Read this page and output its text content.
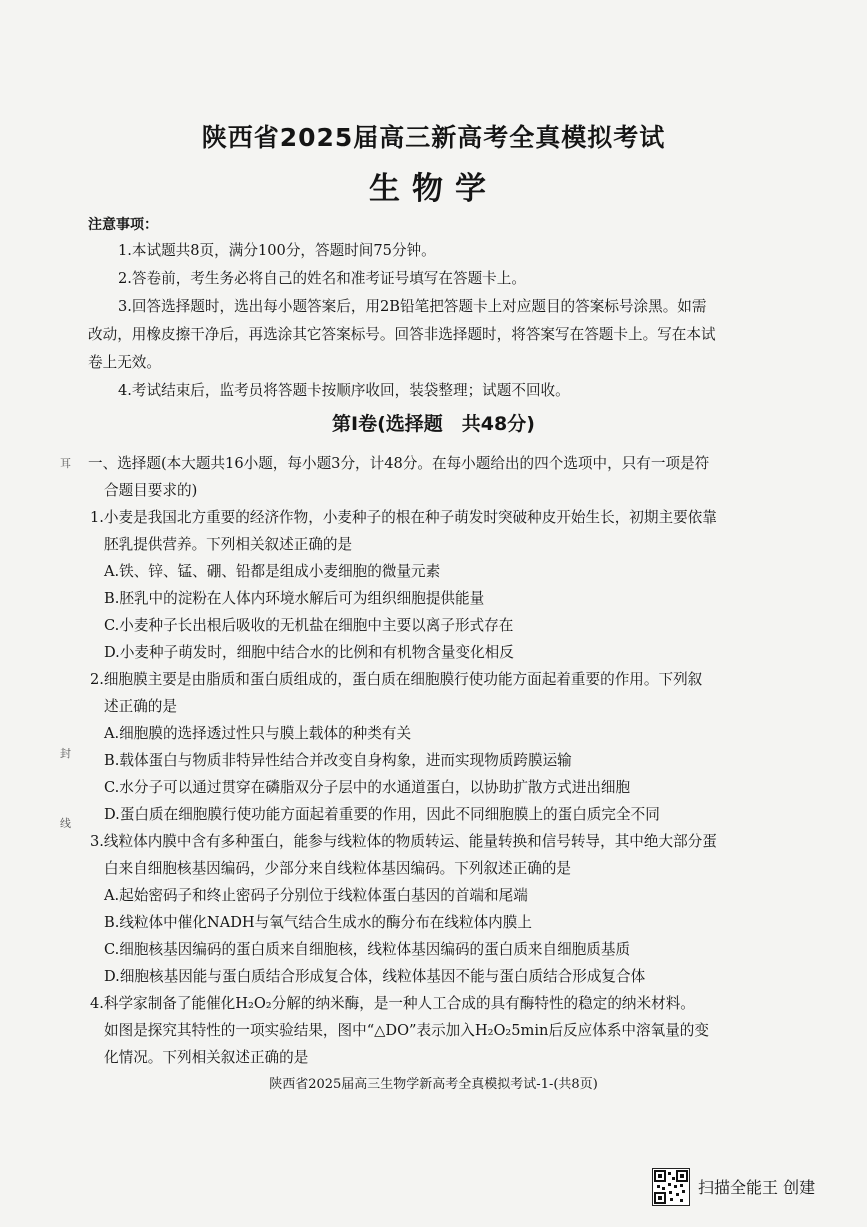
陕西省2025届高三新高考全真模拟考试
生物学
注意事项：
1.本试题共8页，满分100分，答题时间75分钟。
2.答卷前，考生务必将自己的姓名和准考证号填写在答题卡上。
3.回答选择题时，选出每小题答案后，用2B铅笔把答题卡上对应题目的答案标号涂黑。如需
改动，用橡皮擦干净后，再选涂其它答案标号。回答非选择题时，将答案写在答题卡上。写在本试
卷上无效。
4.考试结束后，监考员将答题卡按顺序收回，装袋整理；试题不回收。
第Ⅰ卷(选择题　共48分)
一、选择题(本大题共16小题，每小题3分，计48分。在每小题给出的四个选项中，只有一项是符
合题目要求的)
1.小麦是我国北方重要的经济作物，小麦种子的根在种子萌发时突破种皮开始生长，初期主要依靠
胚乳提供营养。下列相关叙述正确的是
A.铁、锌、锰、硼、铅都是组成小麦细胞的微量元素
B.胚乳中的淀粉在人体内环境水解后可为组织细胞提供能量
C.小麦种子长出根后吸收的无机盐在细胞中主要以离子形式存在
D.小麦种子萌发时，细胞中结合水的比例和有机物含量变化相反
2.细胞膜主要是由脂质和蛋白质组成的，蛋白质在细胞膜行使功能方面起着重要的作用。下列叙
述正确的是
A.细胞膜的选择透过性只与膜上载体的种类有关
B.载体蛋白与物质非特异性结合并改变自身构象，进而实现物质跨膜运输
C.水分子可以通过贯穿在磷脂双分子层中的水通道蛋白，以协助扩散方式进出细胞
D.蛋白质在细胞膜行使功能方面起着重要的作用，因此不同细胞膜上的蛋白质完全不同
3.线粒体内膜中含有多种蛋白，能参与线粒体的物质转运、能量转换和信号转导，其中绝大部分蛋
白来自细胞核基因编码，少部分来自线粒体基因编码。下列叙述正确的是
A.起始密码子和终止密码子分别位于线粒体蛋白基因的首端和尾端
B.线粒体中催化NADH与氧气结合生成水的酶分布在线粒体内膜上
C.细胞核基因编码的蛋白质来自细胞核，线粒体基因编码的蛋白质来自细胞质基质
D.细胞核基因能与蛋白质结合形成复合体，线粒体基因不能与蛋白质结合形成复合体
4.科学家制备了能催化H₂O₂分解的纳米酶，是一种人工合成的具有酶特性的稳定的纳米材料。
如图是探究其特性的一项实验结果，图中“△DO”表示加入H₂O₂5min后反应体系中溶氧量的变
化情况。下列相关叙述正确的是
陕西省2025届高三生物学新高考全真模拟考试-1-(共8页)
耳
封
线
扫描全能王 创建
